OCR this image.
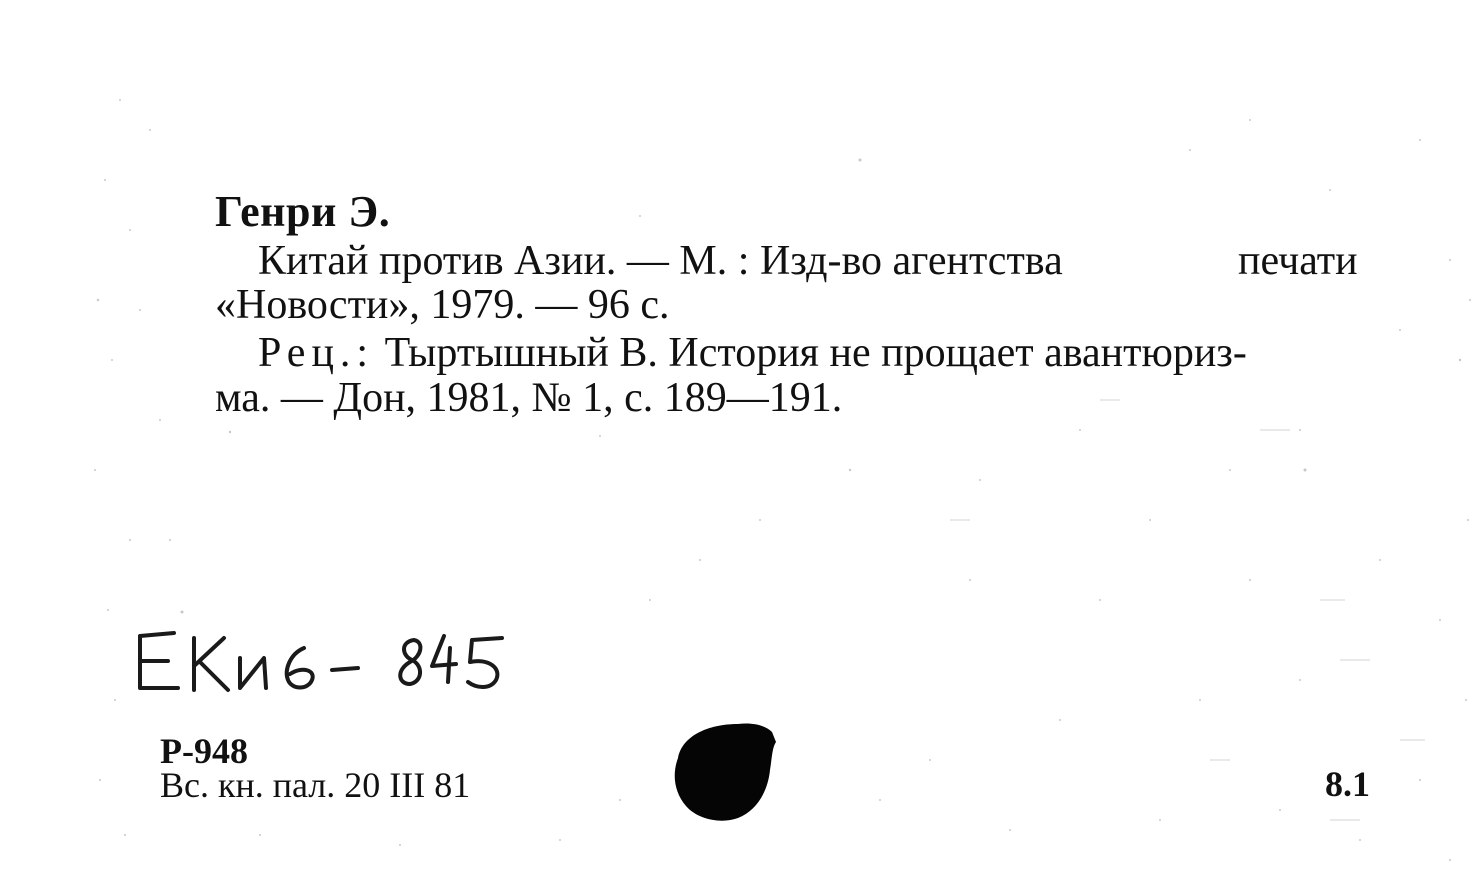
Генри Э.
Китай против Азии. — М. : Изд-во агентства	печати
«Новости», 1979. — 96 с.
Рец.: Тыртышный В. История не прощает авантюриз-
ма. — Дон, 1981, № 1, с. 189—191.
Р-948
Вс. кн. пал. 20 III 81	8.1
